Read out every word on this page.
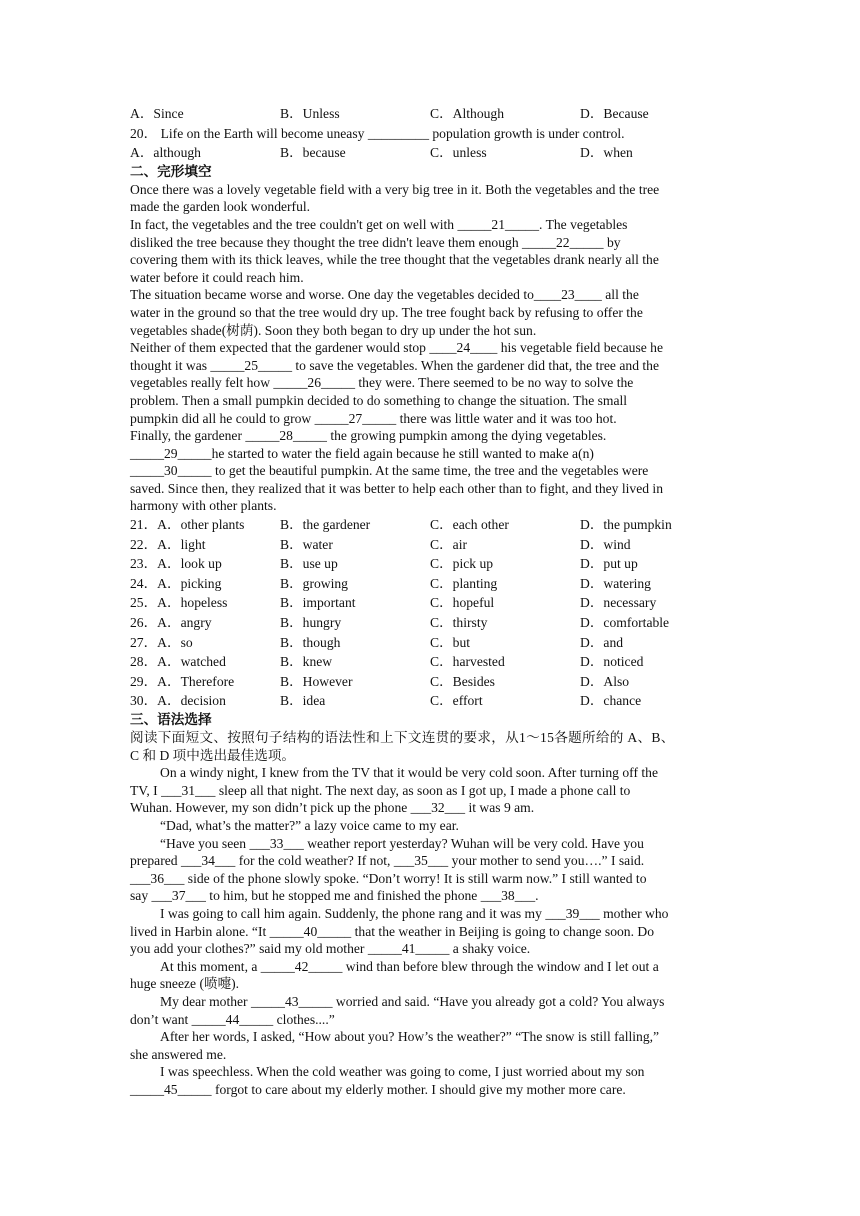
A．Since	B．Unless	C．Although	D．Because
20． Life on the Earth will become uneasy _________ population growth is under control.
A．although	B．because	C．unless	D．when
二、完形填空
Once there was a lovely vegetable field with a very big tree in it. Both the vegetables and the tree
made the garden look wonderful.
In fact, the vegetables and the tree couldn't get on well with _____21_____. The vegetables
disliked the tree because they thought the tree didn't leave them enough _____22_____ by
covering them with its thick leaves, while the tree thought that the vegetables drank nearly all the
water before it could reach him.
The situation became worse and worse. One day the vegetables decided to____23____ all the
water in the ground so that the tree would dry up. The tree fought back by refusing to offer the
vegetables shade(树荫). Soon they both began to dry up under the hot sun.
Neither of them expected that the gardener would stop ____24____ his vegetable field because he
thought it was _____25_____ to save the vegetables. When the gardener did that, the tree and the
vegetables really felt how _____26_____ they were. There seemed to be no way to solve the
problem. Then a small pumpkin decided to do something to change the situation. The small
pumpkin did all he could to grow _____27_____ there was little water and it was too hot.
Finally, the gardener _____28_____ the growing pumpkin among the dying vegetables.
_____29_____he started to water the field again because he still wanted to make a(n)
_____30_____ to get the beautiful pumpkin. At the same time, the tree and the vegetables were
saved. Since then, they realized that it was better to help each other than to fight, and they lived in
harmony with other plants.
21．A．other plants	B．the gardener	C．each other	D．the pumpkin
22．A．light	B．water	C．air	D．wind
23．A．look up	B．use up	C．pick up	D．put up
24．A．picking	B．growing	C．planting	D．watering
25．A．hopeless	B．important	C．hopeful	D．necessary
26．A．angry	B．hungry	C．thirsty	D．comfortable
27．A．so	B．though	C．but	D．and
28．A．watched	B．knew	C．harvested	D．noticed
29．A．Therefore	B．However	C．Besides	D．Also
30．A．decision	B．idea	C．effort	D．chance
三、语法选择
阅读下面短文、按照句子结构的语法性和上下文连贯的要求，从1～15各题所给的 A、B、
C 和 D 项中选出最佳选项。
On a windy night, I knew from the TV that it would be very cold soon. After turning off the
TV, I ___31___ sleep all that night. The next day, as soon as I got up, I made a phone call to
Wuhan. However, my son didn’t pick up the phone ___32___ it was 9 am.
“Dad, what’s the matter?” a lazy voice came to my ear.
“Have you seen ___33___ weather report yesterday? Wuhan will be very cold. Have you
prepared ___34___ for the cold weather? If not, ___35___ your mother to send you….” I said.
___36___ side of the phone slowly spoke. “Don’t worry! It is still warm now.” I still wanted to
say ___37___ to him, but he stopped me and finished the phone ___38___.
I was going to call him again. Suddenly, the phone rang and it was my ___39___ mother who
lived in Harbin alone. “It _____40_____ that the weather in Beijing is going to change soon. Do
you add your clothes?” said my old mother _____41_____ a shaky voice.
At this moment, a _____42_____ wind than before blew through the window and I let out a
huge sneeze (喷嚏).
My dear mother _____43_____ worried and said. “Have you already got a cold? You always
don’t want _____44_____ clothes....”
After her words, I asked, “How about you? How’s the weather?” “The snow is still falling,”
she answered me.
I was speechless. When the cold weather was going to come, I just worried about my son
_____45_____ forgot to care about my elderly mother. I should give my mother more care.
